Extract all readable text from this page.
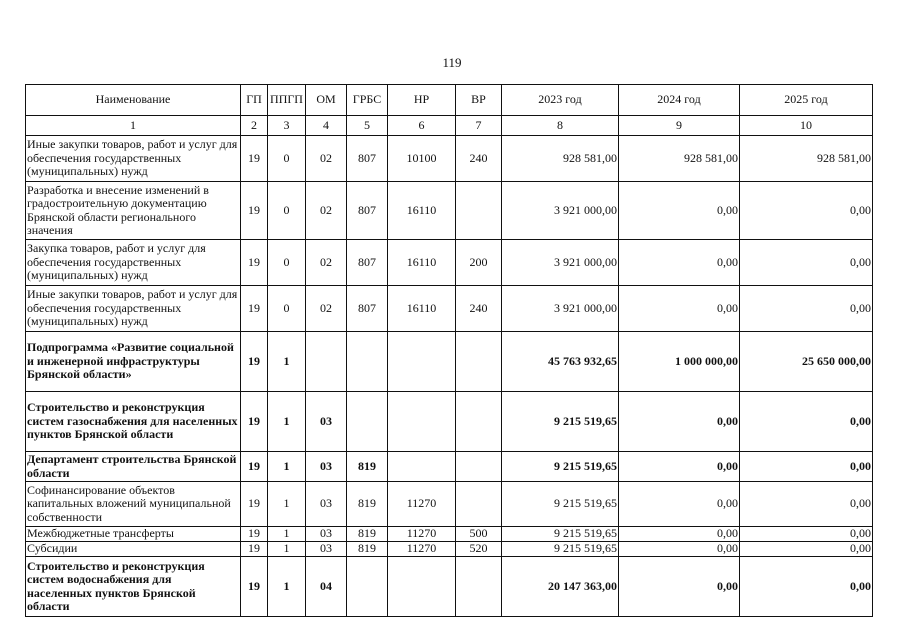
119
Наименование	ГП	ППГП	ОМ	ГРБС	НР	ВР	2023 год	2024 год	2025 год
1	2	3	4	5	6	7	8	9	10
Иные закупки товаров, работ и услуг для обеспечения государственных (муниципальных) нужд	19	0	02	807	10100	240	928 581,00	928 581,00	928 581,00
Разработка и внесение изменений в градостроительную документацию Брянской области регионального значения	19	0	02	807	16110		3 921 000,00	0,00	0,00
Закупка товаров, работ и услуг для обеспечения государственных (муниципальных) нужд	19	0	02	807	16110	200	3 921 000,00	0,00	0,00
Иные закупки товаров, работ и услуг для обеспечения государственных (муниципальных) нужд	19	0	02	807	16110	240	3 921 000,00	0,00	0,00
Подпрограмма «Развитие социальной и инженерной инфраструктуры Брянской области»	19	1					45 763 932,65	1 000 000,00	25 650 000,00
Строительство и реконструкция систем газоснабжения для населенных пунктов Брянской области	19	1	03				9 215 519,65	0,00	0,00
Департамент строительства Брянской области	19	1	03	819			9 215 519,65	0,00	0,00
Софинансирование объектов капитальных вложений муниципальной собственности	19	1	03	819	11270		9 215 519,65	0,00	0,00
Межбюджетные трансферты	19	1	03	819	11270	500	9 215 519,65	0,00	0,00
Субсидии	19	1	03	819	11270	520	9 215 519,65	0,00	0,00
Строительство и реконструкция систем водоснабжения для населенных пунктов Брянской области	19	1	04				20 147 363,00	0,00	0,00
